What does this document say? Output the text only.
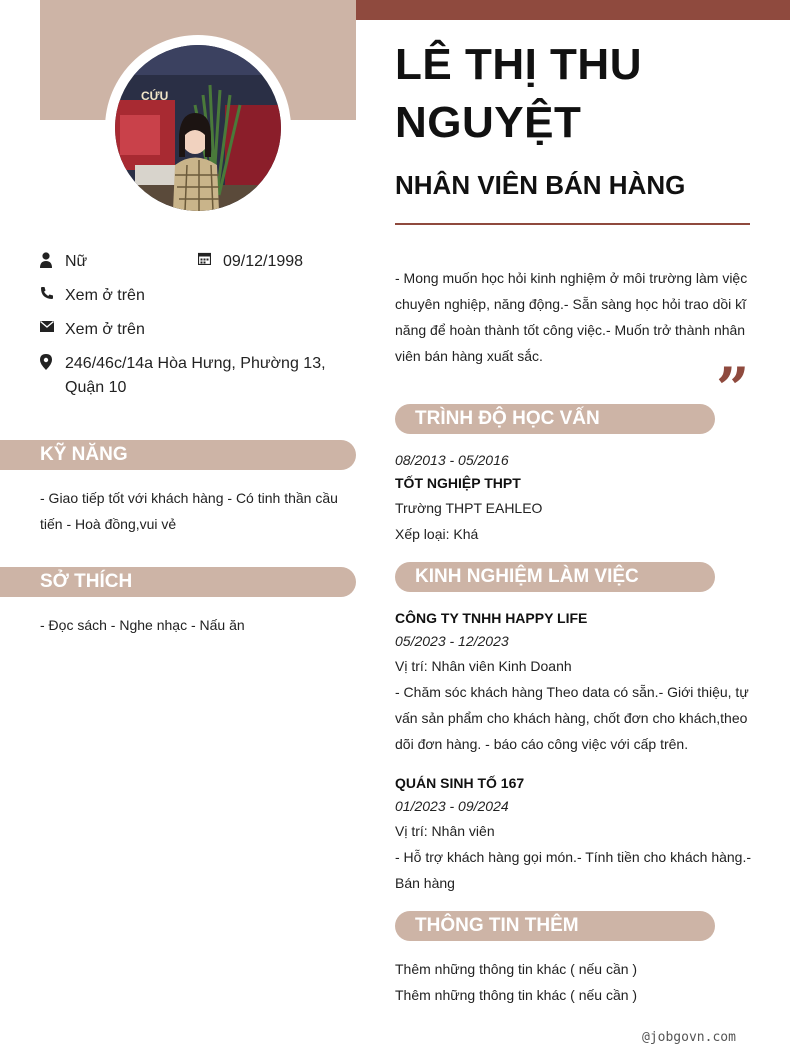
CỨU
Nữ	09/12/1998
Xem ở trên
Xem ở trên
246/46c/14a Hòa Hưng, Phường 13, Quận 10
KỸ NĂNG
- Giao tiếp tốt với khách hàng - Có tinh thần cầu tiến - Hoà đồng,vui vẻ
SỞ THÍCH
- Đọc sách - Nghe nhạc - Nấu ăn
LÊ THỊ THU NGUYỆT
NHÂN VIÊN BÁN HÀNG
- Mong muốn học hỏi kinh nghiệm ở môi trường làm việc chuyên nghiệp, năng động.- Sẵn sàng học hỏi trao dồi kĩ năng để hoàn thành tốt công việc.- Muốn trở thành nhân viên bán hàng xuất sắc.	”
TRÌNH ĐỘ HỌC VẤN
08/2013 - 05/2016
TỐT NGHIỆP THPT
Trường THPT EAHLEO
Xếp loại: Khá
KINH NGHIỆM LÀM VIỆC
CÔNG TY TNHH HAPPY LIFE
05/2023 - 12/2023
Vị trí: Nhân viên Kinh Doanh
- Chăm sóc khách hàng Theo data có sẵn.- Giới thiệu, tự vấn sản phẩm cho khách hàng, chốt đơn cho khách,theo dõi đơn hàng. - báo cáo công việc với cấp trên.
QUÁN SINH TỐ 167
01/2023 - 09/2024
Vị trí: Nhân viên
- Hỗ trợ khách hàng gọi món.- Tính tiền cho khách hàng.- Bán hàng
THÔNG TIN THÊM
Thêm những thông tin khác ( nếu cần )
Thêm những thông tin khác ( nếu cần )
@jobgovn.com
